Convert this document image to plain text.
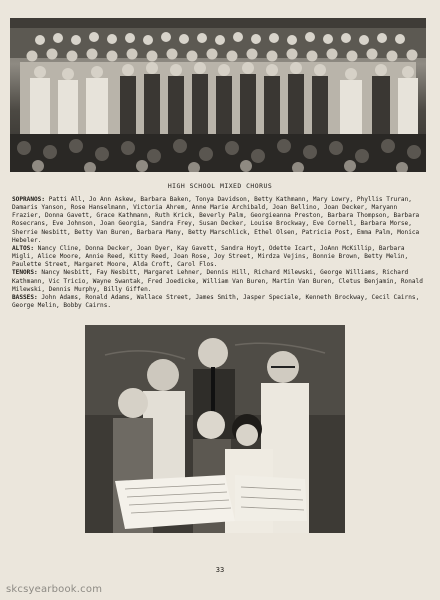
HIGH SCHOOL MIXED CHORUS

SOPRANOS: Patti All, Jo Ann Askew, Barbara Baken, Tonya Davidson, Betty Kathmann, Mary Lowry, Phyllis Truran, Damaris Yanson, Rose Hanselmann, Victoria Ahrem, Anne Marie Archibald, Joan Bellino, Joan Decker, Maryann Frazier, Donna Gavett, Grace Kathmann, Ruth Krick, Beverly Palm, Georgieanna Preston, Barbara Thompson, Barbara Rosecrans, Eve Johnson, Joan Georgia, Sandra Frey, Susan Decker, Louise Brockway, Eve Cornell, Barbara Morse, Sherrie Nesbitt, Betty Van Buren, Barbara Many, Betty Marschlick, Ethel Olsen, Patricia Post, Emma Palm, Monica Hebeler.

ALTOS: Nancy Cline, Donna Decker, Joan Dyer, Kay Gavett, Sandra Hoyt, Odette Icart, JoAnn McKillip, Barbara Migli, Alice Moore, Annie Reed, Kitty Reed, Joan Rose, Joy Street, Mirdza Vejins, Bonnie Brown, Betty Melin, Paulette Street, Margaret Moore, Alda Croft, Carol Flos.

TENORS: Nancy Nesbitt, Fay Nesbitt, Margaret Lehner, Dennis Hill, Richard Milewski, George Williams, Richard Kathmann, Vic Tricio, Wayne Swantak, Fred Joedicke, William Van Buren, Martin Van Buren, Cletus Benjamin, Ronald Milewski, Dennis Murphy, Billy Giffen.

BASSES: John Adams, Ronald Adams, Wallace Street, James Smith, Jasper Speciale, Kenneth Brockway, Cecil Cairns, George Melin, Bobby Cairns.

33
skcsyearbook.com
